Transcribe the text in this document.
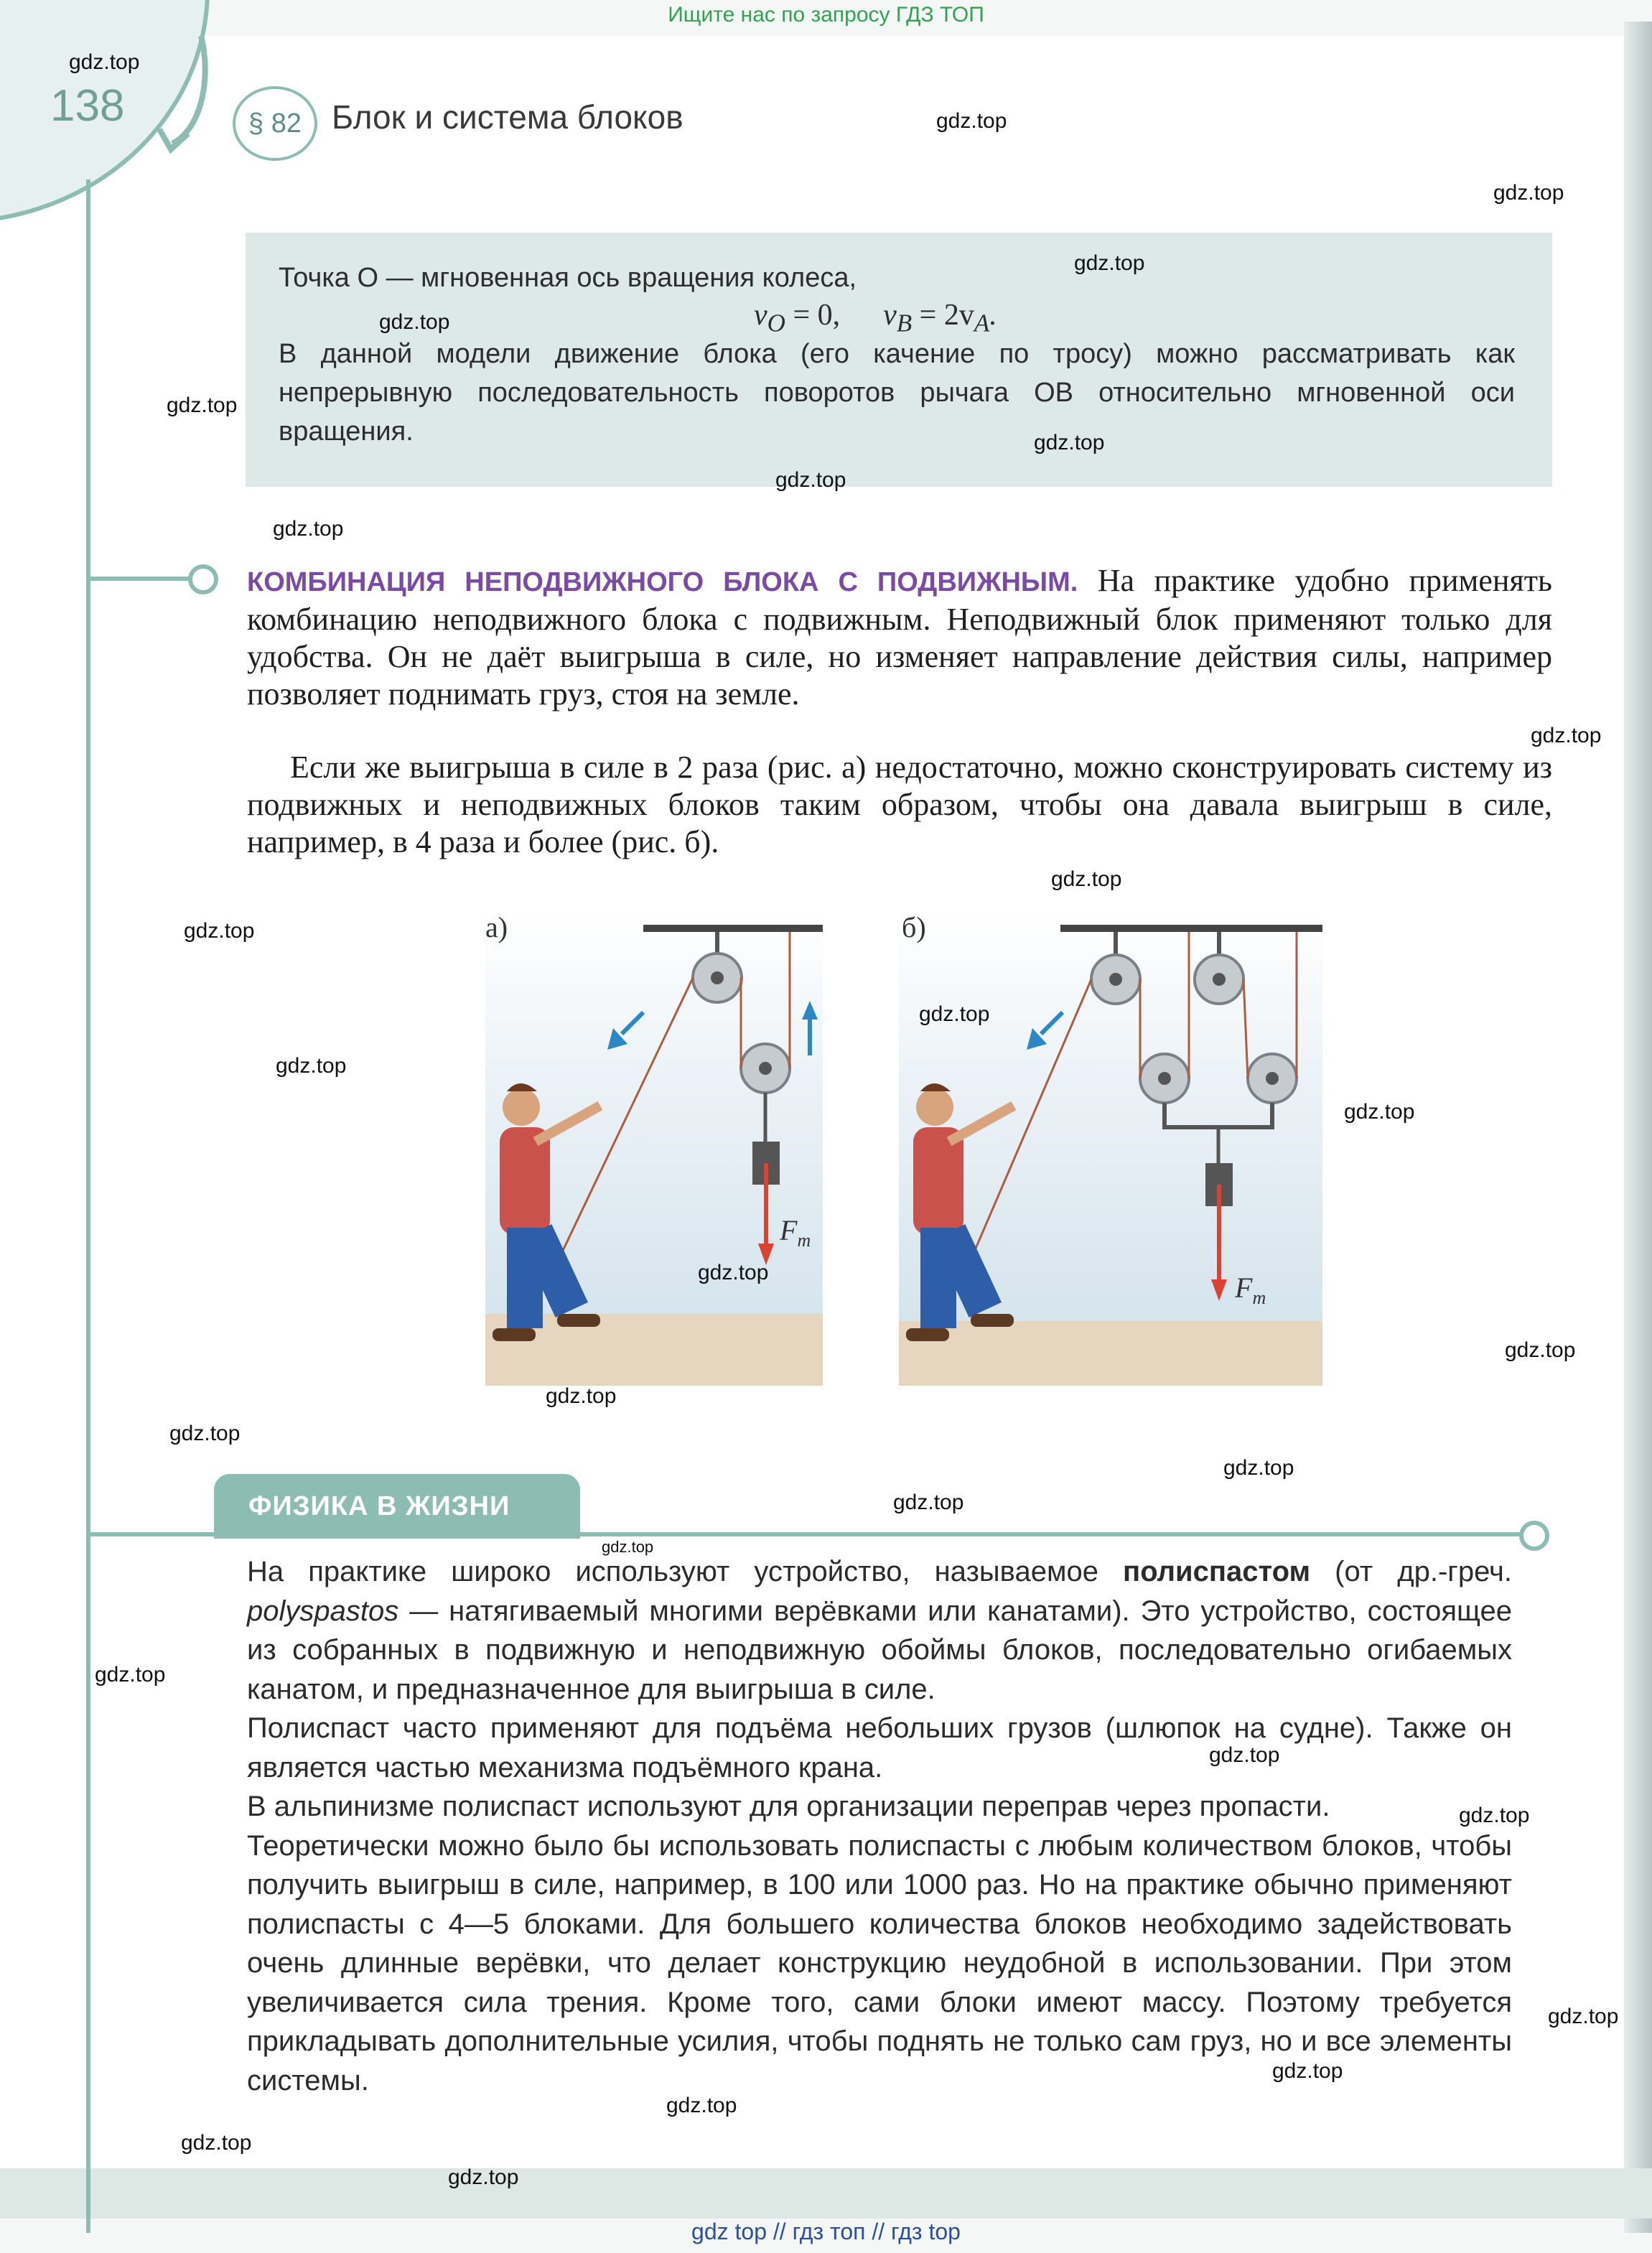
Ищите нас по запросу ГДЗ ТОП
138	§ 82 Блок и система блоков
Точка O — мгновенная ось вращения колеса,
$v_O = 0$, $v_B = 2v_A$.
В данной модели движение блока (его качение по тросу) можно рассматривать как непрерывную последовательность поворотов рычага OB относительно мгновенной оси вращения.
КОМБИНАЦИЯ НЕПОДВИЖНОГО БЛОКА С ПОДВИЖНЫМ. На практике удобно применять комбинацию неподвижного блока с подвижным. Неподвижный блок применяют только для удобства. Он не даёт выигрыша в силе, но изменяет направление действия силы, например позволяет поднимать груз, стоя на земле.
Если же выигрыша в силе в 2 раза (рис. а) недостаточно, можно сконструировать систему из подвижных и неподвижных блоков таким образом, чтобы она давала выигрыш в силе, например, в 4 раза и более (рис. б).
а)
$F_т$
б)
$F_т$
ФИЗИКА В ЖИЗНИ
На практике широко используют устройство, называемое полиспастом (от др.-греч. polyspastos — натягиваемый многими верёвками или канатами). Это устройство, состоящее из собранных в подвижную и неподвижную обоймы блоков, последовательно огибаемых канатом, и предназначенное для выигрыша в силе.
Полиспаст часто применяют для подъёма небольших грузов (шлюпок на судне). Также он является частью механизма подъёмного крана.
В альпинизме полиспаст используют для организации переправ через пропасти.
Теоретически можно было бы использовать полиспасты с любым количеством блоков, чтобы получить выигрыш в силе, например, в 100 или 1000 раз. Но на практике обычно применяют полиспасты с 4—5 блоками. Для большего количества блоков необходимо задействовать очень длинные верёвки, что делает конструкцию неудобной в использовании. При этом увеличивается сила трения. Кроме того, сами блоки имеют массу. Поэтому требуется прикладывать дополнительные усилия, чтобы поднять не только сам груз, но и все элементы системы.
gdz.top
gdz.top
gdz.top
gdz.top
gdz.top
gdz.top
gdz.top
gdz.top
gdz.top
gdz.top
gdz.top
gdz.top
gdz.top
gdz.top
gdz.top
gdz.top
gdz.top
gdz.top
gdz.top
gdz.top
gdz.top
gdz.top
gdz.top
gdz.top
gdz.top
gdz.top
gdz.top
gdz.top
gdz.top
gdz.top
gdz top // гдз топ // гдз top
